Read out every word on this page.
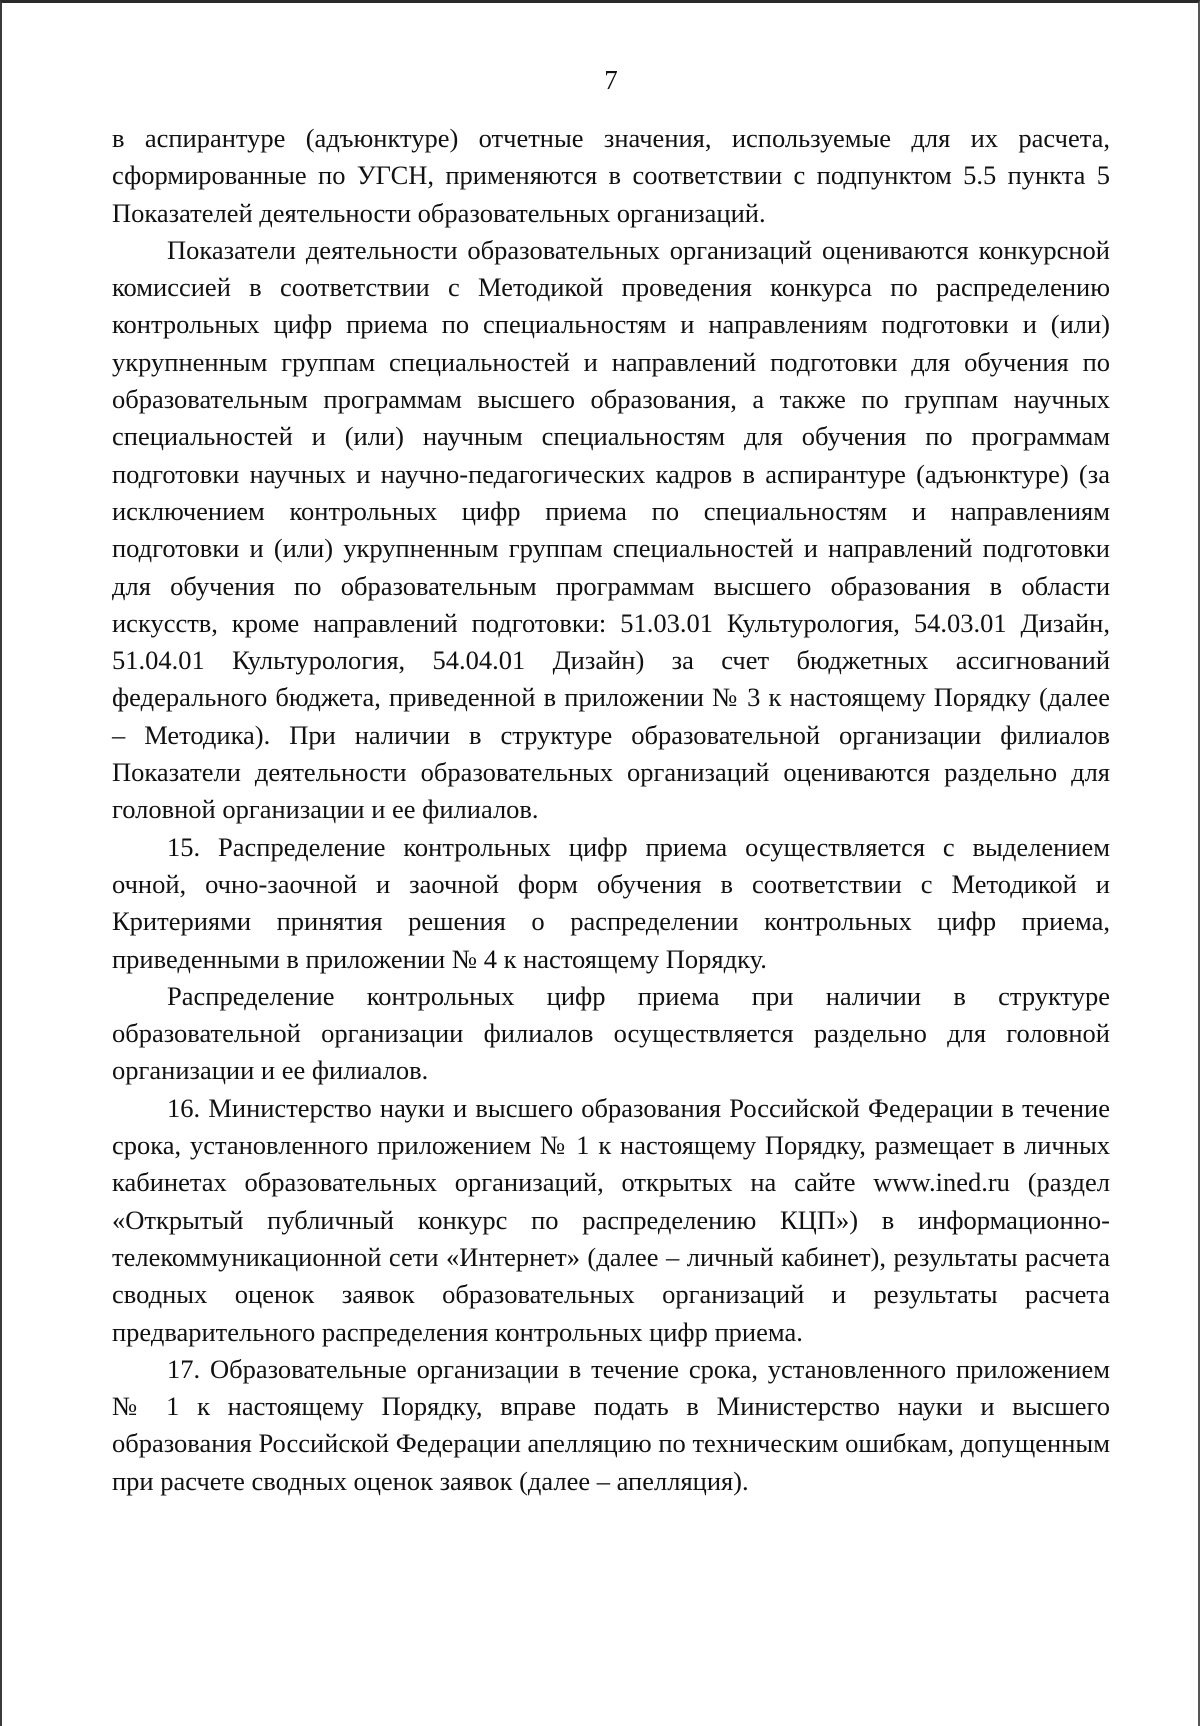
7

в аспирантуре (адъюнктуре) отчетные значения, используемые для их расчета, сформированные по УГСН, применяются в соответствии с подпунктом 5.5 пункта 5 Показателей деятельности образовательных организаций.

Показатели деятельности образовательных организаций оцениваются конкурсной комиссией в соответствии с Методикой проведения конкурса по распределению контрольных цифр приема по специальностям и направлениям подготовки и (или) укрупненным группам специальностей и направлений подготовки для обучения по образовательным программам высшего образования, а также по группам научных специальностей и (или) научным специальностям для обучения по программам подготовки научных и научно-педагогических кадров в аспирантуре (адъюнктуре) (за исключением контрольных цифр приема по специальностям и направлениям подготовки и (или) укрупненным группам специальностей и направлений подготовки для обучения по образовательным программам высшего образования в области искусств, кроме направлений подготовки: 51.03.01 Культурология, 54.03.01 Дизайн, 51.04.01 Культурология, 54.04.01 Дизайн) за счет бюджетных ассигнований федерального бюджета, приведенной в приложении № 3 к настоящему Порядку (далее – Методика). При наличии в структуре образовательной организации филиалов Показатели деятельности образовательных организаций оцениваются раздельно для головной организации и ее филиалов.

15. Распределение контрольных цифр приема осуществляется с выделением очной, очно-заочной и заочной форм обучения в соответствии с Методикой и Критериями принятия решения о распределении контрольных цифр приема, приведенными в приложении № 4 к настоящему Порядку.

Распределение контрольных цифр приема при наличии в структуре образовательной организации филиалов осуществляется раздельно для головной организации и ее филиалов.

16. Министерство науки и высшего образования Российской Федерации в течение срока, установленного приложением № 1 к настоящему Порядку, размещает в личных кабинетах образовательных организаций, открытых на сайте www.ined.ru (раздел «Открытый публичный конкурс по распределению КЦП») в информационно-телекоммуникационной сети «Интернет» (далее – личный кабинет), результаты расчета сводных оценок заявок образовательных организаций и результаты расчета предварительного распределения контрольных цифр приема.

17. Образовательные организации в течение срока, установленного приложением № 1 к настоящему Порядку, вправе подать в Министерство науки и высшего образования Российской Федерации апелляцию по техническим ошибкам, допущенным при расчете сводных оценок заявок (далее – апелляция).
